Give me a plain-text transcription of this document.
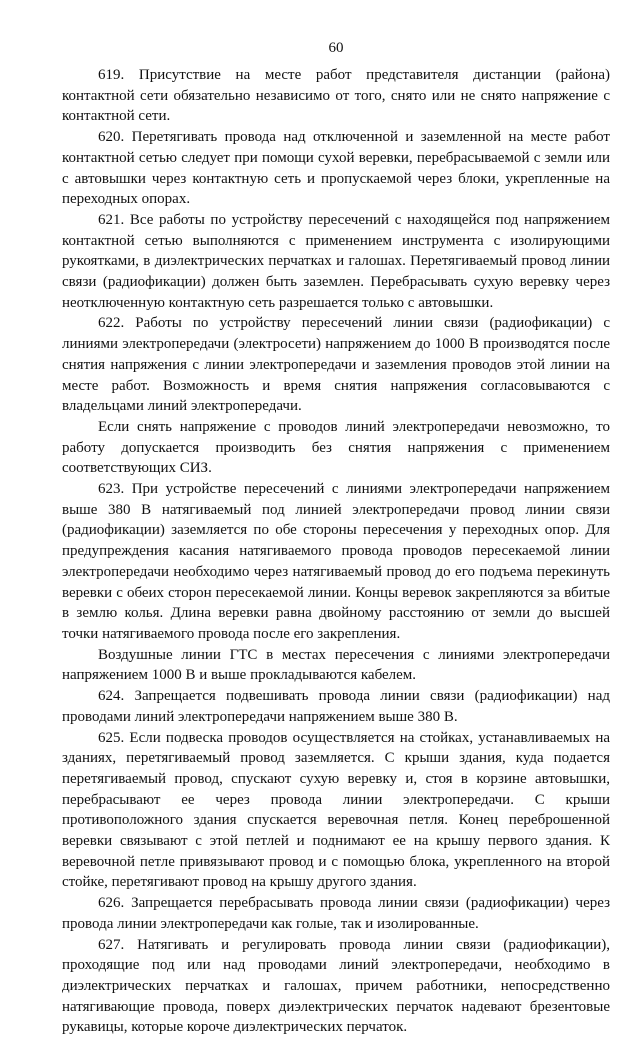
60

619. Присутствие на месте работ представителя дистанции (района) контактной сети обязательно независимо от того, снято или не снято напряжение с контактной сети.

620. Перетягивать провода над отключенной и заземленной на месте работ контактной сетью следует при помощи сухой веревки, перебрасываемой с земли или с автовышки через контактную сеть и пропускаемой через блоки, укрепленные на переходных опорах.

621. Все работы по устройству пересечений с находящейся под напряжением контактной сетью выполняются с применением инструмента с изолирующими рукоятками, в диэлектрических перчатках и галошах. Перетягиваемый провод линии связи (радиофикации) должен быть заземлен. Перебрасывать сухую веревку через неотключенную контактную сеть разрешается только с автовышки.

622. Работы по устройству пересечений линии связи (радиофикации) с линиями электропередачи (электросети) напряжением до 1000 В производятся после снятия напряжения с линии электропередачи и заземления проводов этой линии на месте работ. Возможность и время снятия напряжения согласовываются с владельцами линий электропередачи.

Если снять напряжение с проводов линий электропередачи невозможно, то работу допускается производить без снятия напряжения с применением соответствующих СИЗ.

623. При устройстве пересечений с линиями электропередачи напряжением выше 380 В натягиваемый под линией электропередачи провод линии связи (радиофикации) заземляется по обе стороны пересечения у переходных опор. Для предупреждения касания натягиваемого провода проводов пересекаемой линии электропередачи необходимо через натягиваемый провод до его подъема перекинуть веревки с обеих сторон пересекаемой линии. Концы веревок закрепляются за вбитые в землю колья. Длина веревки равна двойному расстоянию от земли до высшей точки натягиваемого провода после его закрепления.

Воздушные линии ГТС в местах пересечения с линиями электропередачи напряжением 1000 В и выше прокладываются кабелем.

624. Запрещается подвешивать провода линии связи (радиофикации) над проводами линий электропередачи напряжением выше 380 В.

625. Если подвеска проводов осуществляется на стойках, устанавливаемых на зданиях, перетягиваемый провод заземляется. С крыши здания, куда подается перетягиваемый провод, спускают сухую веревку и, стоя в корзине автовышки, перебрасывают ее через провода линии электропередачи. С крыши противоположного здания спускается веревочная петля. Конец переброшенной веревки связывают с этой петлей и поднимают ее на крышу первого здания. К веревочной петле привязывают провод и с помощью блока, укрепленного на второй стойке, перетягивают провод на крышу другого здания.

626. Запрещается перебрасывать провода линии связи (радиофикации) через провода линии электропередачи как голые, так и изолированные.

627. Натягивать и регулировать провода линии связи (радиофикации), проходящие под или над проводами линий электропередачи, необходимо в диэлектрических перчатках и галошах, причем работники, непосредственно натягивающие провода, поверх диэлектрических перчаток надевают брезентовые рукавицы, которые короче диэлектрических перчаток.
